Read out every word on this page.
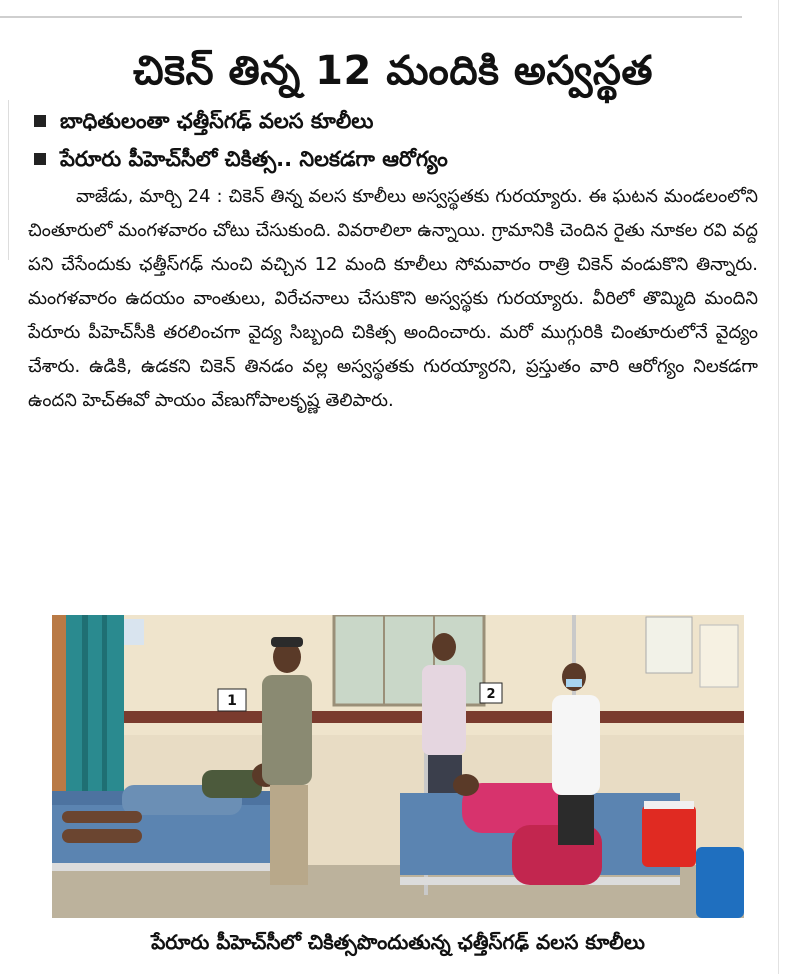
చికెన్ తిన్న 12 మందికి అస్వస్థత
బాధితులంతా ఛత్తీస్‌గఢ్ వలస కూలీలు
పేరూరు పీహెచ్‌సీలో చికిత్స.. నిలకడగా ఆరోగ్యం

వాజేడు, మార్చి 24 : చికెన్ తిన్న వలస కూలీలు అస్వస్థతకు గురయ్యారు. ఈ ఘటన మండలంలోని చింతూరులో మంగళవారం చోటు చేసుకుంది. వివరాలిలా ఉన్నాయి. గ్రామానికి చెందిన రైతు నూకల రవి వద్ద పని చేసేందుకు ఛత్తీస్‌గఢ్ నుంచి వచ్చిన 12 మంది కూలీలు సోమవారం రాత్రి చికెన్ వండుకొని తిన్నారు. మంగళవారం ఉదయం వాంతులు, విరేచనాలు చేసుకొని అస్వస్థకు గురయ్యారు. వీరిలో తొమ్మిది మందిని పేరూరు పీహెచ్‌సీకి తరలించగా వైద్య సిబ్బంది చికిత్స అందించారు. మరో ముగ్గురికి చింతూరులోనే వైద్యం చేశారు. ఉడికి, ఉడకని చికెన్ తినడం వల్ల అస్వస్థతకు గురయ్యారని, ప్రస్తుతం వారి ఆరోగ్యం నిలకడగా ఉందని హెచ్‌ఈవో పాయం వేణుగోపాలకృష్ణ తెలిపారు.

1	2
పేరూరు పీహెచ్‌సీలో చికిత్సపొందుతున్న ఛత్తీస్‌గఢ్ వలస కూలీలు
